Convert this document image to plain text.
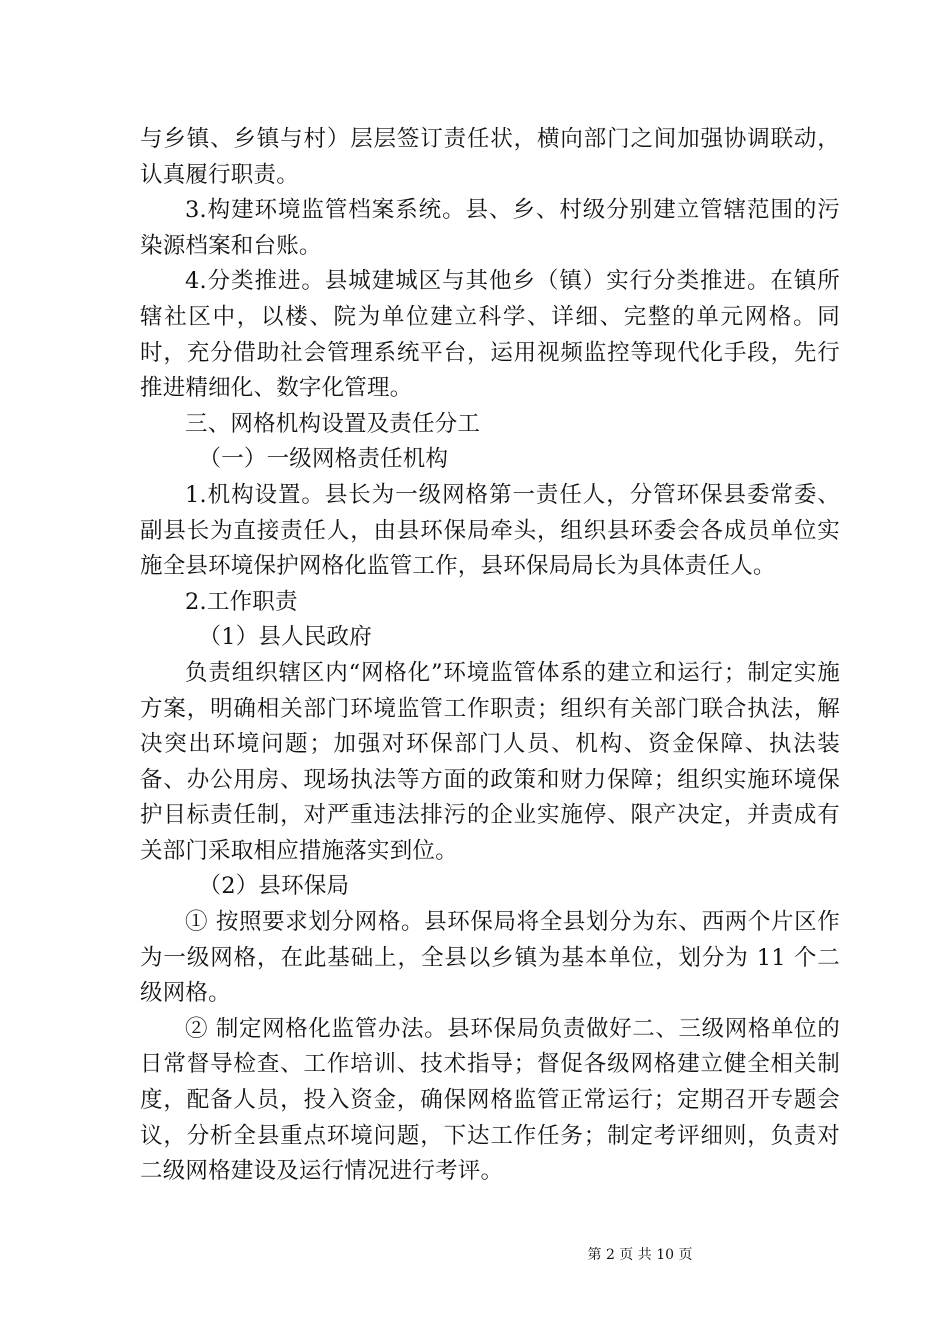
与乡镇、乡镇与村）层层签订责任状，横向部门之间加强协调联动，认真履行职责。

3.构建环境监管档案系统。县、乡、村级分别建立管辖范围的污染源档案和台账。

4.分类推进。县城建城区与其他乡（镇）实行分类推进。在镇所辖社区中，以楼、院为单位建立科学、详细、完整的单元网格。同时，充分借助社会管理系统平台，运用视频监控等现代化手段，先行推进精细化、数字化管理。

三、网格机构设置及责任分工

（一）一级网格责任机构

1.机构设置。县长为一级网格第一责任人，分管环保县委常委、副县长为直接责任人，由县环保局牵头，组织县环委会各成员单位实施全县环境保护网格化监管工作，县环保局局长为具体责任人。

2.工作职责

（1）县人民政府

负责组织辖区内“网格化”环境监管体系的建立和运行；制定实施方案，明确相关部门环境监管工作职责；组织有关部门联合执法，解决突出环境问题；加强对环保部门人员、机构、资金保障、执法装备、办公用房、现场执法等方面的政策和财力保障；组织实施环境保护目标责任制，对严重违法排污的企业实施停、限产决定，并责成有关部门采取相应措施落实到位。

（2）县环保局

① 按照要求划分网格。县环保局将全县划分为东、西两个片区作为一级网格，在此基础上，全县以乡镇为基本单位，划分为 11 个二级网格。

② 制定网格化监管办法。县环保局负责做好二、三级网格单位的日常督导检查、工作培训、技术指导；督促各级网格建立健全相关制度，配备人员，投入资金，确保网格监管正常运行；定期召开专题会议，分析全县重点环境问题，下达工作任务；制定考评细则，负责对二级网格建设及运行情况进行考评。

第 2 页 共 10 页
